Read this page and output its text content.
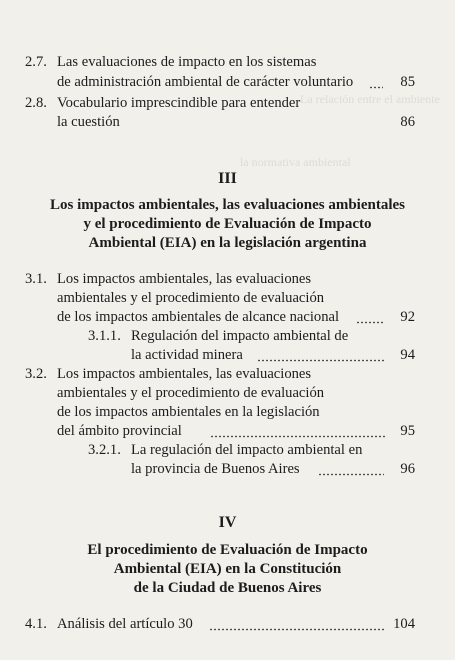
La relación entre el ambiente
la normativa ambiental
2.7. Las evaluaciones de impacto en los sistemas
de administración ambiental de carácter voluntario	85
2.8. Vocabulario imprescindible para entender
la cuestión	86
III
Los impactos ambientales, las evaluaciones ambientales
y el procedimiento de Evaluación de Impacto
Ambiental (EIA) en la legislación argentina
3.1. Los impactos ambientales, las evaluaciones
ambientales y el procedimiento de evaluación
de los impactos ambientales de alcance nacional	92
3.1.1. Regulación del impacto ambiental de
la actividad minera	94
3.2. Los impactos ambientales, las evaluaciones
ambientales y el procedimiento de evaluación
de los impactos ambientales en la legislación
del ámbito provincial	95
3.2.1. La regulación del impacto ambiental en
la provincia de Buenos Aires	96
IV
El procedimiento de Evaluación de Impacto
Ambiental (EIA) en la Constitución
de la Ciudad de Buenos Aires
4.1. Análisis del artículo 30	104
